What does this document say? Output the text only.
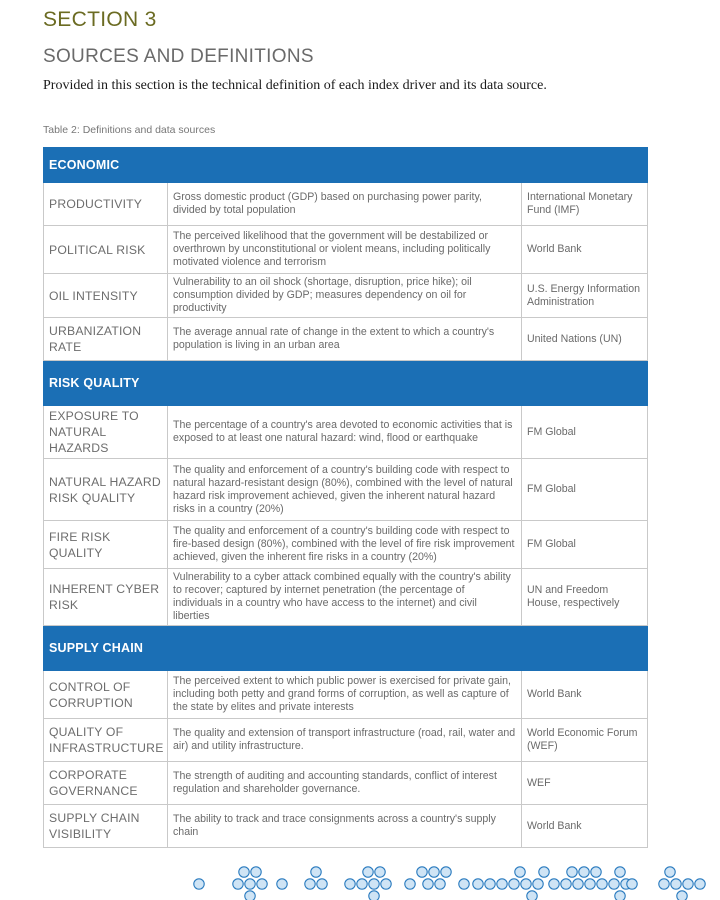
SECTION 3
SOURCES AND DEFINITIONS
Provided in this section is the technical definition of each index driver and its data source.
Table 2: Definitions and data sources
ECONOMIC		
PRODUCTIVITY	Gross domestic product (GDP) based on purchasing power parity, divided by total population	International Monetary Fund (IMF)
POLITICAL RISK	The perceived likelihood that the government will be destabilized or overthrown by unconstitutional or violent means, including politically motivated violence and terrorism	World Bank
OIL INTENSITY	Vulnerability to an oil shock (shortage, disruption, price hike); oil consumption divided by GDP; measures dependency on oil for productivity	U.S. Energy Information Administration
URBANIZATION RATE	The average annual rate of change in the extent to which a country's population is living in an urban area	United Nations (UN)
RISK QUALITY		
EXPOSURE TO NATURAL HAZARDS	The percentage of a country's area devoted to economic activities that is exposed to at least one natural hazard: wind, flood or earthquake	FM Global
NATURAL HAZARD RISK QUALITY	The quality and enforcement of a country's building code with respect to natural hazard-resistant design (80%), combined with the level of natural hazard risk improvement achieved, given the inherent natural hazard risks in a country (20%)	FM Global
FIRE RISK QUALITY	The quality and enforcement of a country's building code with respect to fire-based design (80%), combined with the level of fire risk improvement achieved, given the inherent fire risks in a country (20%)	FM Global
INHERENT CYBER RISK	Vulnerability to a cyber attack combined equally with the country's ability to recover; captured by internet penetration (the percentage of individuals in a country who have access to the internet) and civil liberties	UN and Freedom House, respectively
SUPPLY CHAIN		
CONTROL OF CORRUPTION	The perceived extent to which public power is exercised for private gain, including both petty and grand forms of corruption, as well as capture of the state by elites and private interests	World Bank
QUALITY OF INFRASTRUCTURE	The quality and extension of transport infrastructure (road, rail, water and air) and utility infrastructure.	World Economic Forum (WEF)
CORPORATE GOVERNANCE	The strength of auditing and accounting standards, conflict of interest regulation and shareholder governance.	WEF
SUPPLY CHAIN VISIBILITY	The ability to track and trace consignments across a country's supply chain	World Bank
